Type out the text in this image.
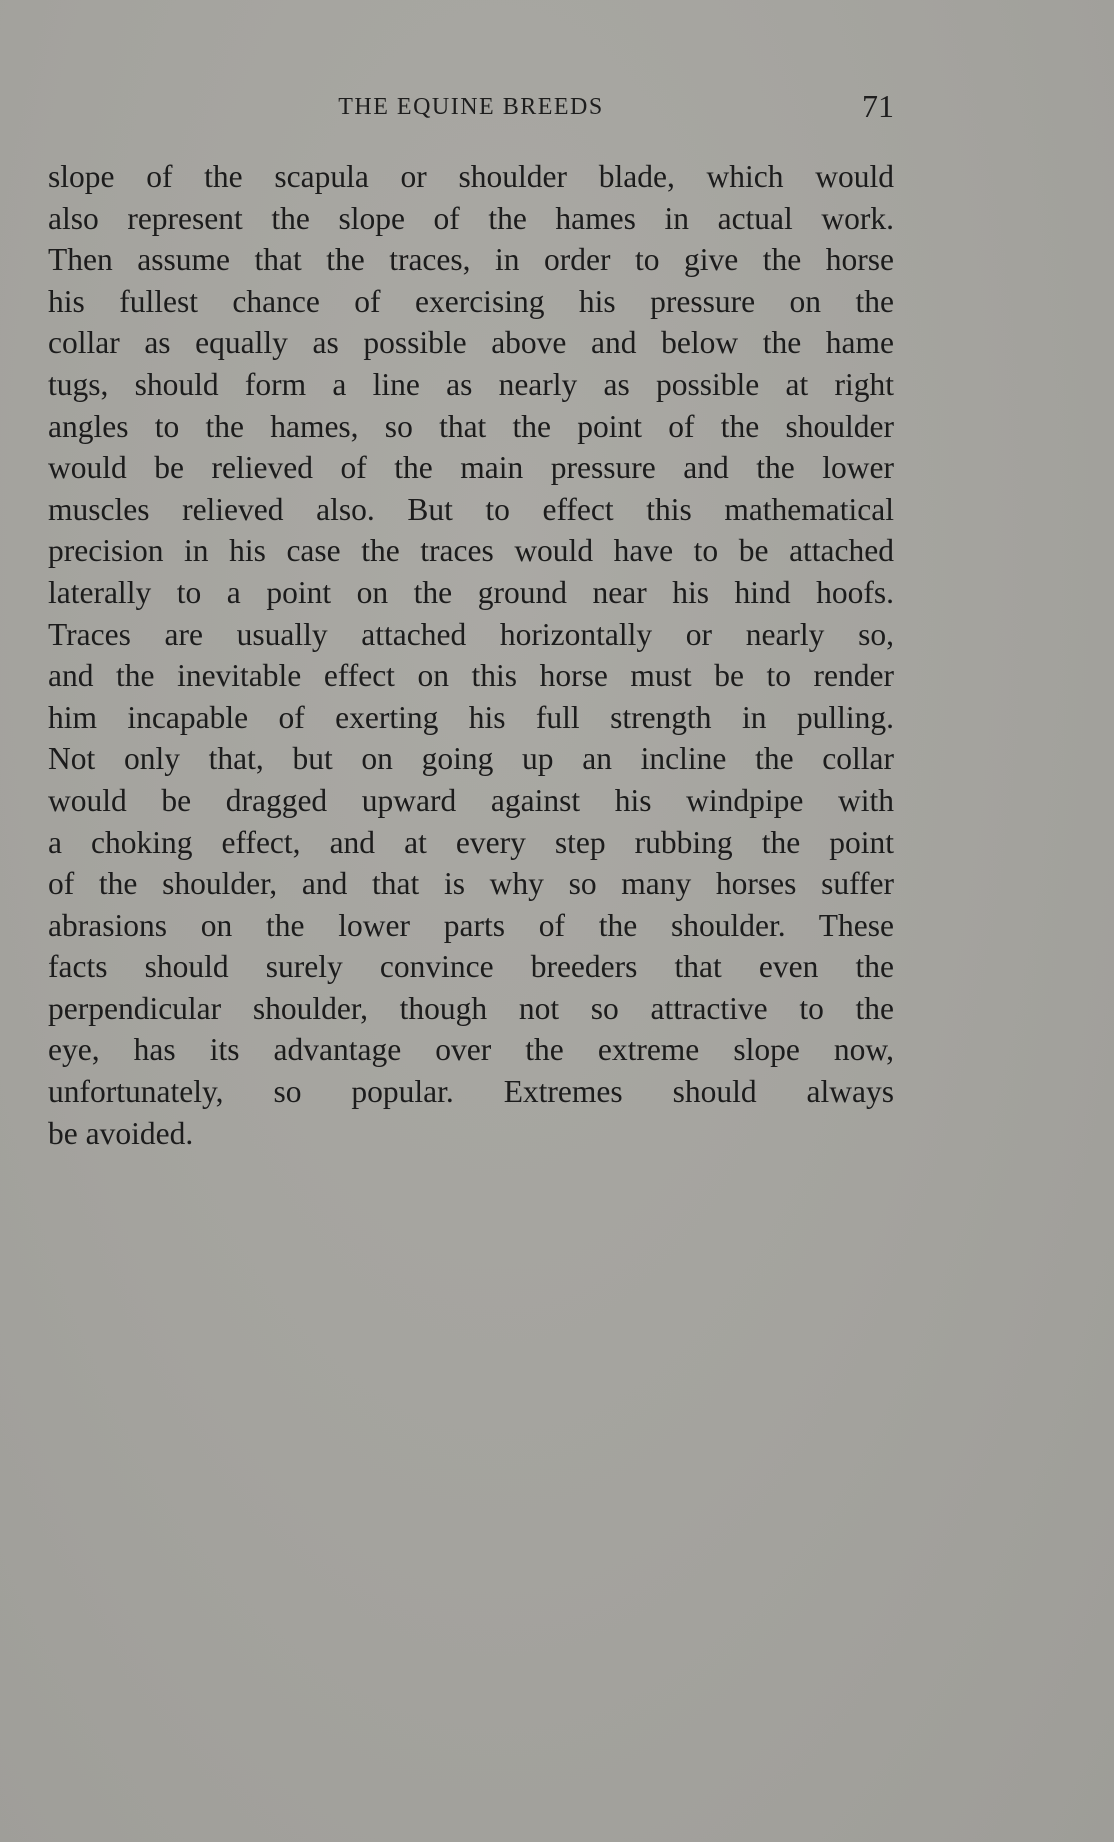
THE EQUINE BREEDS	71
slope of the scapula or shoulder blade, which would
also represent the slope of the hames in actual work.
Then assume that the traces, in order to give the horse
his fullest chance of exercising his pressure on the
collar as equally as possible above and below the hame
tugs, should form a line as nearly as possible at right
angles to the hames, so that the point of the shoulder
would be relieved of the main pressure and the lower
muscles relieved also. But to effect this mathematical
precision in his case the traces would have to be attached
laterally to a point on the ground near his hind hoofs.
Traces are usually attached horizontally or nearly so,
and the inevitable effect on this horse must be to render
him incapable of exerting his full strength in pulling.
Not only that, but on going up an incline the collar
would be dragged upward against his windpipe with
a choking effect, and at every step rubbing the point
of the shoulder, and that is why so many horses suffer
abrasions on the lower parts of the shoulder. These
facts should surely convince breeders that even the
perpendicular shoulder, though not so attractive to the
eye, has its advantage over the extreme slope now,
unfortunately, so popular. Extremes should always
be avoided.
